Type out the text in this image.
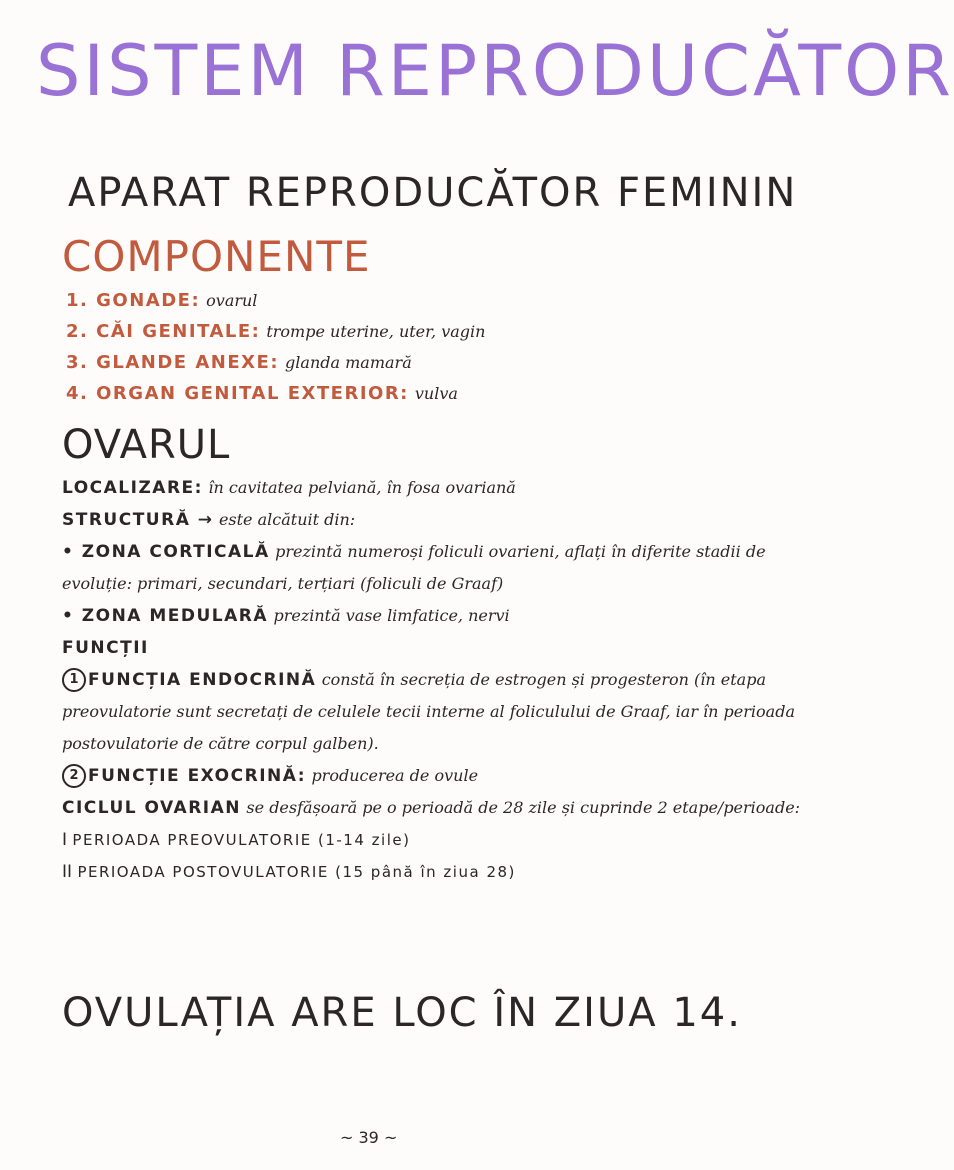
SISTEM REPRODUCĂTOR
APARAT REPRODUCĂTOR FEMININ
COMPONENTE
1. GONADE: ovarul
2. CĂI GENITALE: trompe uterine, uter, vagin
3. GLANDE ANEXE: glanda mamară
4. ORGAN GENITAL EXTERIOR: vulva
OVARUL
LOCALIZARE: în cavitatea pelviană, în fosa ovariană
STRUCTURĂ → este alcătuit din:
• ZONA CORTICALĂ prezintă numeroși foliculi ovarieni, aflați în diferite stadii de evoluție: primari, secundari, terțiari (foliculi de Graaf)
• ZONA MEDULARĂ prezintă vase limfatice, nervi
FUNCȚII
1 FUNCȚIA ENDOCRINĂ constă în secreția de estrogen și progesteron (în etapa preovulatorie sunt secretați de celulele tecii interne al foliculului de Graaf, iar în perioada postovulatorie de către corpul galben).
2 FUNCȚIE EXOCRINĂ: producerea de ovule
CICLUL OVARIAN se desfășoară pe o perioadă de 28 zile și cuprinde 2 etape/perioade:
I PERIOADA PREOVULATORIE (1-14 zile)
II PERIOADA POSTOVULATORIE (15 până în ziua 28)
OVULAȚIA ARE LOC ÎN ZIUA 14.
~ 39 ~
